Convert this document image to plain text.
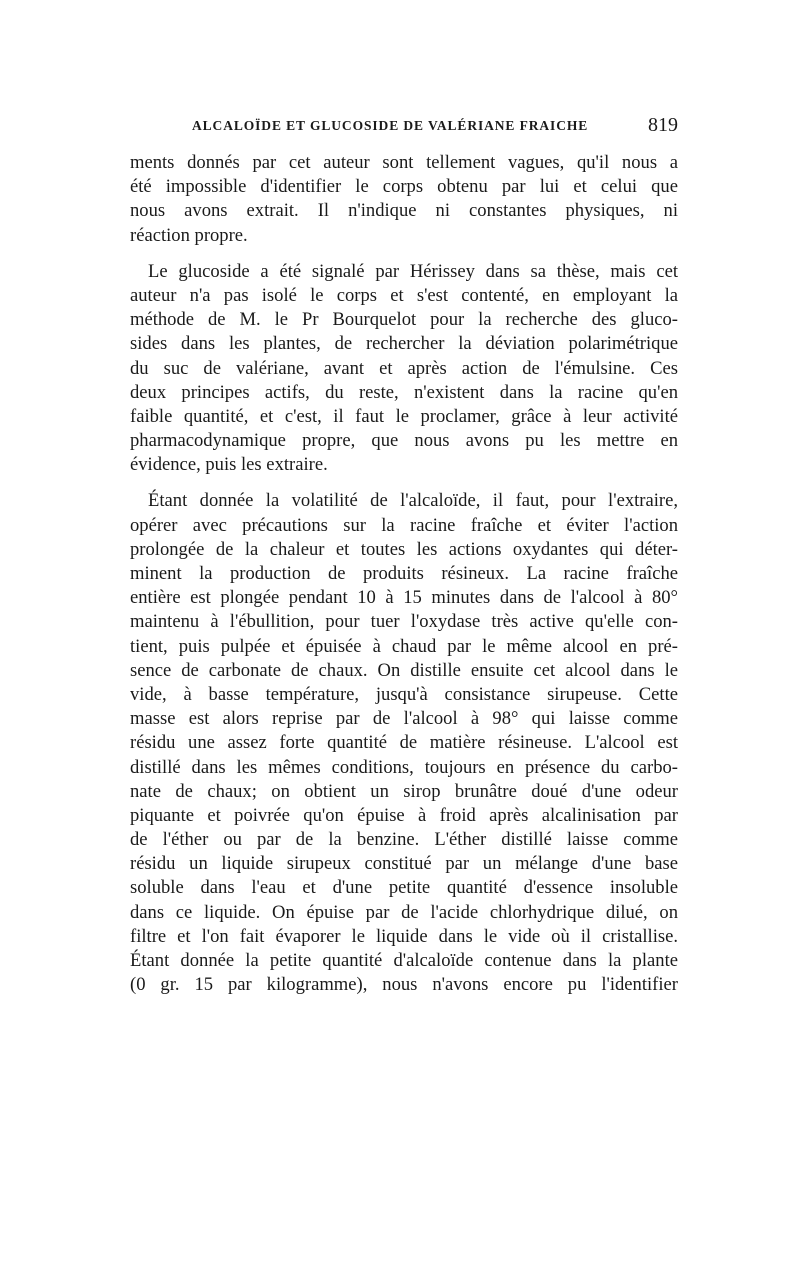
ALCALOÏDE ET GLUCOSIDE DE VALÉRIANE FRAICHE	819

ments donnés par cet auteur sont tellement vagues, qu'il nous a
été impossible d'identifier le corps obtenu par lui et celui que
nous avons extrait. Il n'indique ni constantes physiques, ni
réaction propre.

Le glucoside a été signalé par Hérissey dans sa thèse, mais cet
auteur n'a pas isolé le corps et s'est contenté, en employant la
méthode de M. le Pr Bourquelot pour la recherche des gluco-
sides dans les plantes, de rechercher la déviation polarimétrique
du suc de valériane, avant et après action de l'émulsine. Ces
deux principes actifs, du reste, n'existent dans la racine qu'en
faible quantité, et c'est, il faut le proclamer, grâce à leur activité
pharmacodynamique propre, que nous avons pu les mettre en
évidence, puis les extraire.

Étant donnée la volatilité de l'alcaloïde, il faut, pour l'extraire,
opérer avec précautions sur la racine fraîche et éviter l'action
prolongée de la chaleur et toutes les actions oxydantes qui déter-
minent la production de produits résineux. La racine fraîche
entière est plongée pendant 10 à 15 minutes dans de l'alcool à 80°
maintenu à l'ébullition, pour tuer l'oxydase très active qu'elle con-
tient, puis pulpée et épuisée à chaud par le même alcool en pré-
sence de carbonate de chaux. On distille ensuite cet alcool dans le
vide, à basse température, jusqu'à consistance sirupeuse. Cette
masse est alors reprise par de l'alcool à 98° qui laisse comme
résidu une assez forte quantité de matière résineuse. L'alcool est
distillé dans les mêmes conditions, toujours en présence du carbo-
nate de chaux; on obtient un sirop brunâtre doué d'une odeur
piquante et poivrée qu'on épuise à froid après alcalinisation par
de l'éther ou par de la benzine. L'éther distillé laisse comme
résidu un liquide sirupeux constitué par un mélange d'une base
soluble dans l'eau et d'une petite quantité d'essence insoluble
dans ce liquide. On épuise par de l'acide chlorhydrique dilué, on
filtre et l'on fait évaporer le liquide dans le vide où il cristallise.
Étant donnée la petite quantité d'alcaloïde contenue dans la plante
(0 gr. 15 par kilogramme), nous n'avons encore pu l'identifier
